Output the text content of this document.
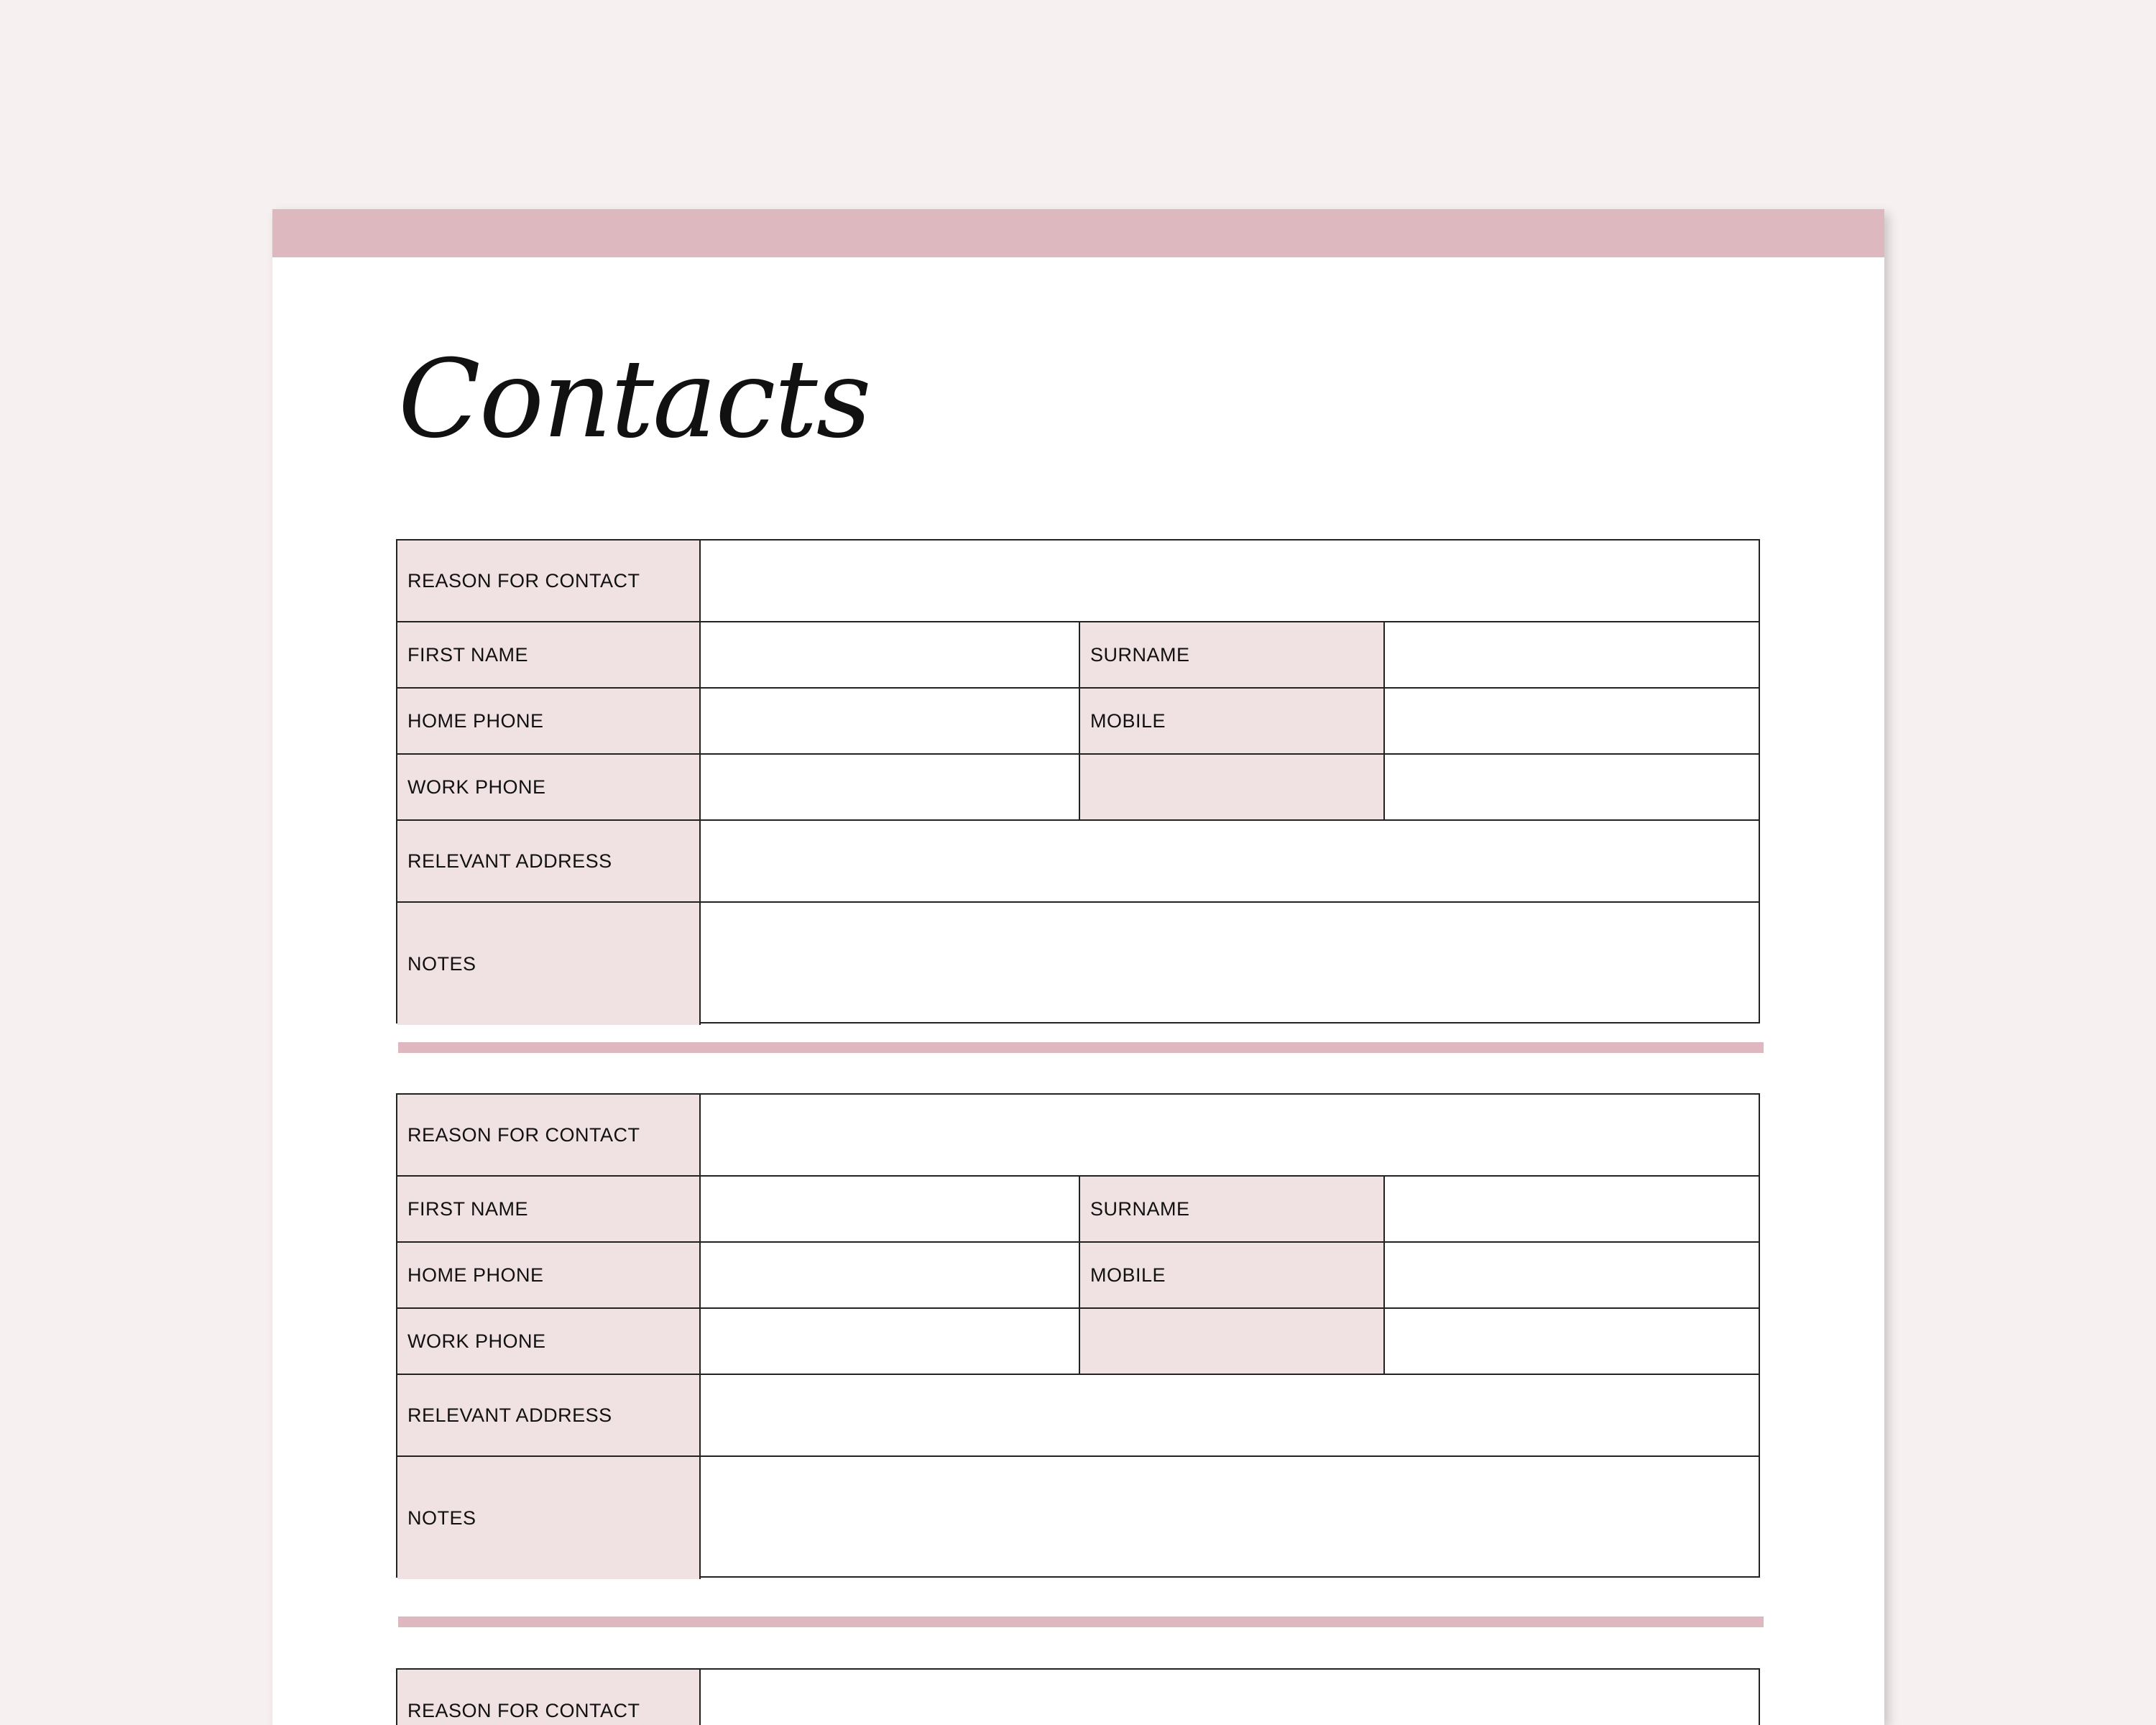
Contacts
REASON FOR CONTACT
FIRST NAME	SURNAME
HOME PHONE	MOBILE
WORK PHONE
RELEVANT ADDRESS
NOTES
REASON FOR CONTACT
FIRST NAME	SURNAME
HOME PHONE	MOBILE
WORK PHONE
RELEVANT ADDRESS
NOTES
REASON FOR CONTACT
